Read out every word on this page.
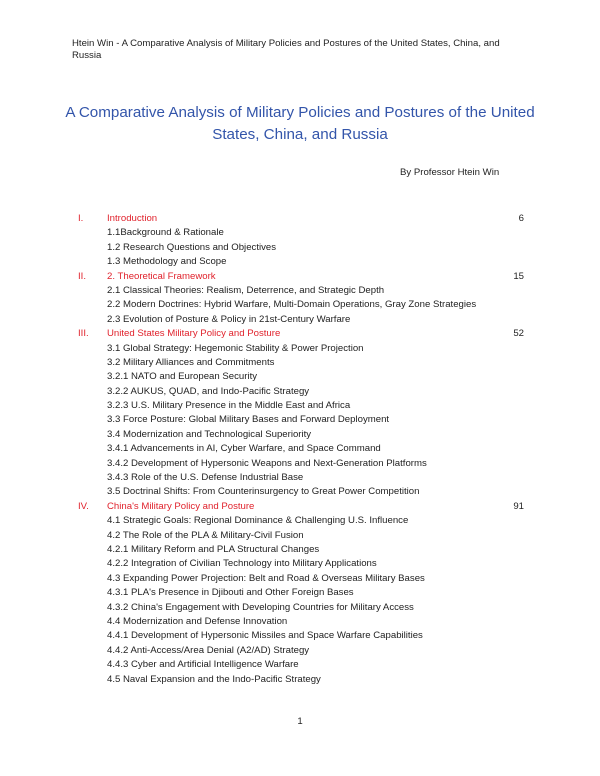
Htein Win - A Comparative Analysis of Military Policies and Postures of the United States, China, and Russia
A Comparative Analysis of Military Policies and Postures of the United States, China, and Russia
By Professor Htein Win
I. Introduction	6
1.1Background & Rationale
1.2 Research Questions and Objectives
1.3 Methodology and Scope
II. 2. Theoretical Framework	15
2.1 Classical Theories: Realism, Deterrence, and Strategic Depth
2.2 Modern Doctrines: Hybrid Warfare, Multi-Domain Operations, Gray Zone Strategies
2.3 Evolution of Posture & Policy in 21st-Century Warfare
III. United States Military Policy and Posture	52
3.1 Global Strategy: Hegemonic Stability & Power Projection
3.2 Military Alliances and Commitments
3.2.1 NATO and European Security
3.2.2 AUKUS, QUAD, and Indo-Pacific Strategy
3.2.3 U.S. Military Presence in the Middle East and Africa
3.3 Force Posture: Global Military Bases and Forward Deployment
3.4 Modernization and Technological Superiority
3.4.1 Advancements in AI, Cyber Warfare, and Space Command
3.4.2 Development of Hypersonic Weapons and Next-Generation Platforms
3.4.3 Role of the U.S. Defense Industrial Base
3.5 Doctrinal Shifts: From Counterinsurgency to Great Power Competition
IV. China's Military Policy and Posture	91
4.1 Strategic Goals: Regional Dominance & Challenging U.S. Influence
4.2 The Role of the PLA & Military-Civil Fusion
4.2.1 Military Reform and PLA Structural Changes
4.2.2 Integration of Civilian Technology into Military Applications
4.3 Expanding Power Projection: Belt and Road & Overseas Military Bases
4.3.1 PLA's Presence in Djibouti and Other Foreign Bases
4.3.2 China's Engagement with Developing Countries for Military Access
4.4 Modernization and Defense Innovation
4.4.1 Development of Hypersonic Missiles and Space Warfare Capabilities
4.4.2 Anti-Access/Area Denial (A2/AD) Strategy
4.4.3 Cyber and Artificial Intelligence Warfare
4.5 Naval Expansion and the Indo-Pacific Strategy
1
